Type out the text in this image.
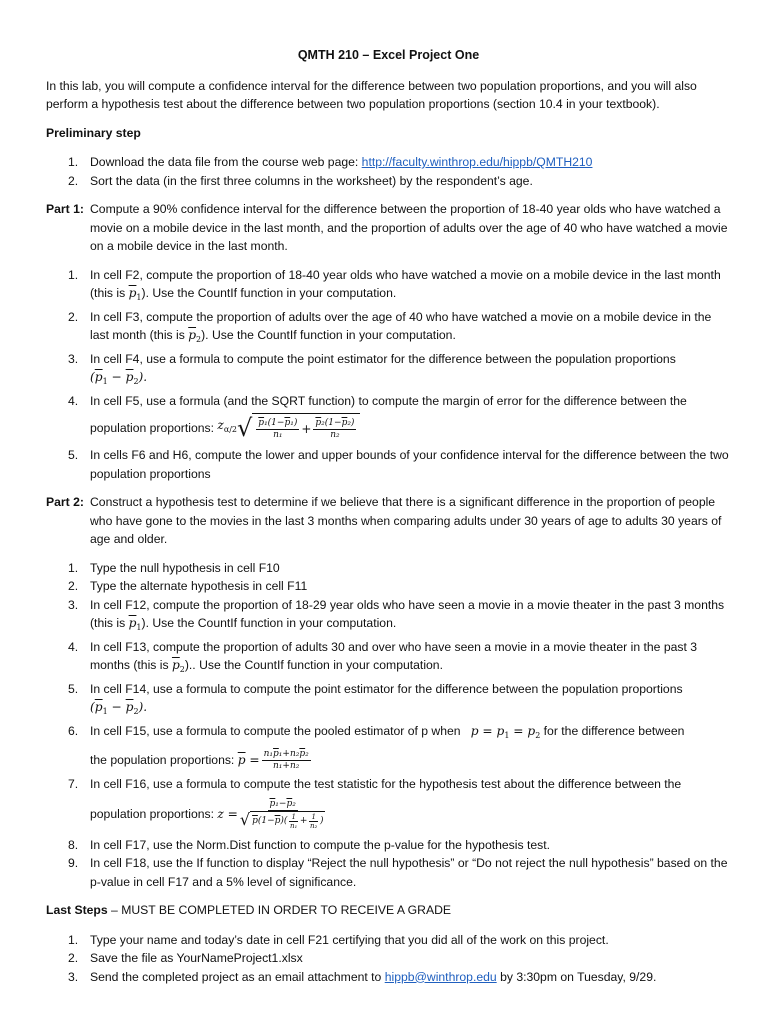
QMTH 210 – Excel Project One

In this lab, you will compute a confidence interval for the difference between two population proportions, and you will also perform a hypothesis test about the difference between two population proportions (section 10.4 in your textbook).

Preliminary step

1. Download the data file from the course web page: http://faculty.winthrop.edu/hippb/QMTH210
2. Sort the data (in the first three columns in the worksheet) by the respondent’s age.
Part 1: Compute a 90% confidence interval for the difference between the proportion of 18-40 year olds who have watched a movie on a mobile device in the last month, and the proportion of adults over the age of 40 who have watched a movie on a mobile device in the last month.
1. In cell F2, compute the proportion of 18-40 year olds who have watched a movie on a mobile device in the last month (this is $\overline{p}_1$). Use the CountIf function in your computation.
2. In cell F3, compute the proportion of adults over the age of 40 who have watched a movie on a mobile device in the last month (this is $\overline{p}_2$). Use the CountIf function in your computation.
3. In cell F4, use a formula to compute the point estimator for the difference between the population proportions
$(\overline{p}_1 - \overline{p}_2)$.
4. In cell F5, use a formula (and the SQRT function) to compute the margin of error for the difference between the
population proportions:
$z_{\alpha/2}$ √ $\frac{p_1(1-\overline{p}_1)}{\text{n₁}} + \frac{\overline{p}_2(1-\overline{p}_2)}{\text{n₂}}$
5. In cells F6 and H6, compute the lower and upper bounds of your confidence interval for the difference between the two population proportions
Part 2: Construct a hypothesis test to determine if we believe that there is a significant difference in the proportion of people who have gone to the movies in the last 3 months when comparing adults under 30 years of age to adults 30 years of age and older.
1. Type the null hypothesis in cell F10
2. Type the alternate hypothesis in cell F11
3. In cell F12, compute the proportion of 18-29 year olds who have seen a movie in a movie theater in the past 3 months (this is $\overline{p}_1$). Use the CountIf function in your computation.
4. In cell F13, compute the proportion of adults 30 and over who have seen a movie in a movie theater in the past 3 months (this is $\overline{p}_2$).. Use the CountIf function in your computation.
5. In cell F14, use a formula to compute the point estimator for the difference between the population proportions
$(\overline{p}_1 - \overline{p}_2)$.
6. In cell F15, use a formula to compute the pooled estimator of p when $p = p_1 = p_2$ for the difference between
the population proportions:
$\overline{p} = \frac{n_1\overline{p}_1+n_2\overline{p}_2}{\text{n₁+n₂}}$
7. In cell F16, use a formula to compute the test statistic for the hypothesis test about the difference between the
population proportions:
$z = \frac{\overline{p}_1-\overline{p}_2}{√ p (1- \overline{p} )( \frac{1}{\text{n₁}} + \frac{1}{\text{n₂}} )}$
8. In cell F17, use the Norm.Dist function to compute the p-value for the hypothesis test.
9. In cell F18, use the If function to display “Reject the null hypothesis” or “Do not reject the null hypothesis” based on the p-value in cell F17 and a 5% level of significance.

Last Steps – MUST BE COMPLETED IN ORDER TO RECEIVE A GRADE

1. Type your name and today’s date in cell F21 certifying that you did all of the work on this project.
2. Save the file as YourNameProject1.xlsx
3. Send the completed project as an email attachment to hippb@winthrop.edu by 3:30pm on Tuesday, 9/29.
